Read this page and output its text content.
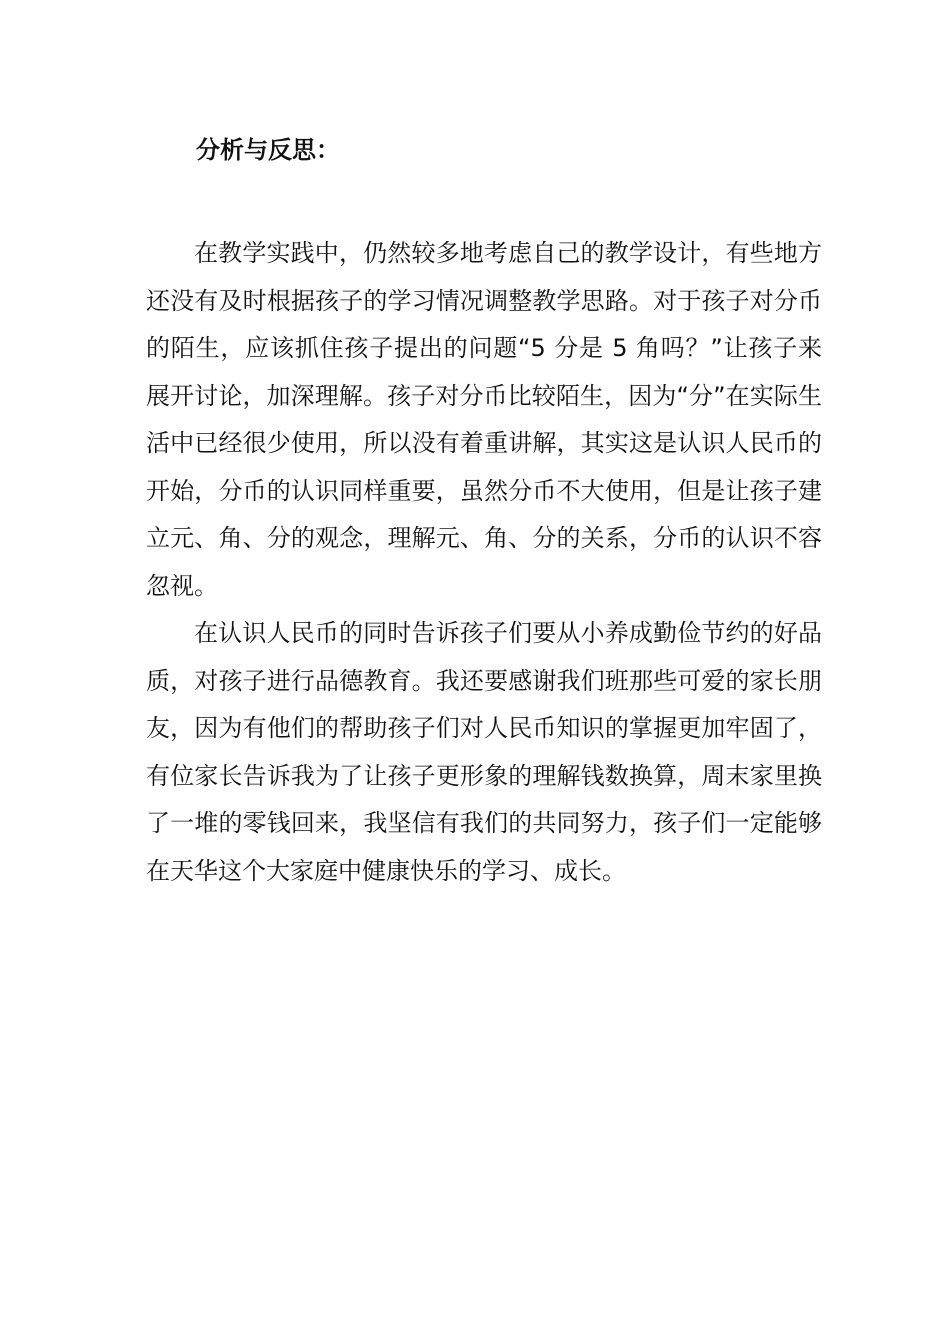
分析与反思：

在教学实践中，仍然较多地考虑自己的教学设计，有些地方还没有及时根据孩子的学习情况调整教学思路。对于孩子对分币的陌生，应该抓住孩子提出的问题“5 分是 5 角吗？”让孩子来展开讨论，加深理解。孩子对分币比较陌生，因为“分”在实际生活中已经很少使用，所以没有着重讲解，其实这是认识人民币的开始，分币的认识同样重要，虽然分币不大使用，但是让孩子建立元、角、分的观念，理解元、角、分的关系，分币的认识不容忽视。

在认识人民币的同时告诉孩子们要从小养成勤俭节约的好品质，对孩子进行品德教育。我还要感谢我们班那些可爱的家长朋友，因为有他们的帮助孩子们对人民币知识的掌握更加牢固了，有位家长告诉我为了让孩子更形象的理解钱数换算，周末家里换了一堆的零钱回来，我坚信有我们的共同努力，孩子们一定能够在天华这个大家庭中健康快乐的学习、成长。
